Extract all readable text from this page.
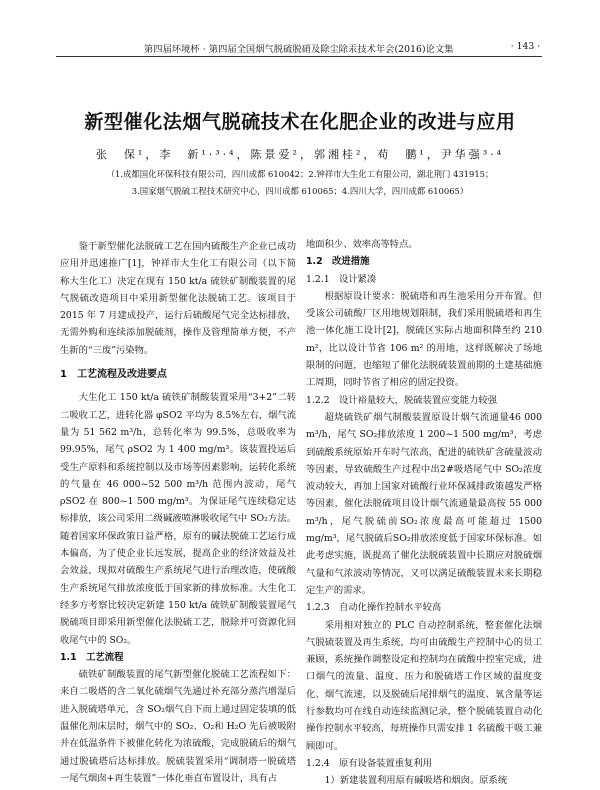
第四届环境杯 · 第四届全国烟气脱硫脱硝及除尘除汞技术年会(2016)论文集	· 143 ·
新型催化法烟气脱硫技术在化肥企业的改进与应用
张　保¹，李　新¹·³·⁴，陈景爱²，郭湘桂²，苟　鹏¹，尹华强³·⁴
（1.成都国化环保科技有限公司，四川成都 610042；2.钟祥市大生化工有限公司，湖北荆门 431915；
3.国家烟气脱硫工程技术研究中心，四川成都 610065；4.四川大学，四川成都 610065）

鉴于新型催化法脱硫工艺在国内硫酸生产企业已成功应用并迅速推广[1]，钟祥市大生化工有限公司（以下简称大生化工）决定在现有 150 kt/a 硫铁矿制酸装置的尾气脱硫改造项目中采用新型催化法脱硫工艺。该项目于 2015 年 7 月建成投产，运行后硫酸尾气完全达标排放，无需外购和连续添加脱硫剂，操作及管理简单方便，不产生新的“三废”污染物。

1　工艺流程及改进要点

大生化工 150 kt/a 硫铁矿制酸装置采用“3+2”二转二吸收工艺，进转化器 φSO2 平均为 8.5%左右，烟气流量为 51 562 m³/h，总转化率为 99.5%，总吸收率为 99.95%，尾气 ρSO2 为 1 400 mg/m³。该装置投运后受生产原料和系统控制以及市场等因素影响，运转化系统的气量在 46 000~52 500 m³/h 范围内波动，尾气 ρSO2 在 800~1 500 mg/m³。为保证尾气连续稳定达标排放，该公司采用二级碱液喷淋吸收尾气中 SO₂方法。随着国家环保政策日益严格，原有的碱法脱硫工艺运行成本偏高，为了使企业长远发展，提高企业的经济效益及社会效益，现拟对硫酸生产系统尾气进行治理改造，使硫酸生产系统尾气排放浓度低于国家新的排放标准。大生化工经多方考察比较决定新建 150 kt/a 硫铁矿制酸装置尾气脱硫项目即采用新型催化法脱硫工艺，脱除并可资源化回收尾气中的 SO₂。

1.1　工艺流程

硫铁矿制酸装置的尾气新型催化脱硫工艺流程如下：来自二吸塔的含二氧化硫烟气先通过补充部分蒸汽增湿后进入脱硫塔单元，含 SO₂烟气自下而上通过固定装填的低温催化剂床层时，烟气中的 SO₂、O₂和 H₂O 先后被吸附并在低温条件下被催化转化为浓硫酸，完成脱硫后的烟气通过脱硫塔后达标排放。脱硫装置采用“调制塔一脱硫塔一尾气烟囱+再生装置”一体化垂直布置设计，具有占

地面积少、效率高等特点。

1.2　改进措施
1.2.1　设计紧凑

根据原设计要求：脱硫塔和再生池采用分开布置。但受该公司硫酸厂区用地规划限制，我们采用脱硫塔和再生池一体化施工设计[2]，脱硫区实际占地面积降至约 210 m²，比以设计节省 106 m² 的用地，这样既解决了场地限制的问题，也缩短了催化法脱硫装置前期的土建基础施工周期，同时节省了相应的固定投资。

1.2.2　设计裕量较大，脱硫装置应变能力较强

超烧硫铁矿烟气制酸装置原设计烟气流通量46 000 m³/h，尾气 SO₂排放浓度 1 200~1 500 mg/m³，考虑到硫酸系统原始开车时气浓高，配进的硫铁矿含硫量波动等因素，导致硫酸生产过程中出2#吸塔尾气中 SO₂浓度波动较大，再加上国家对硫酸行业环保减排政策越发严格等因素，催化法脱硫项目设计烟气流通量最高按 55 000 m³/h，尾气脱硫前SO₂浓度最高可能超过 1500 mg/m³，尾气脱硫后SO₂排放浓度低于国家环保标准。如此考虑实施，既提高了催化法脱硫装置中长期应对脱硫烟气量和气浓波动等情况，又可以满足硫酸装置未来长期稳定生产的需求。

1.2.3　自动化操作控制水平较高

采用相对独立的 PLC 自动控制系统，整套催化法烟气脱硫装置及再生系统，均可由硫酸生产控制中心的员工兼顾，系统操作调整设定和控制均在硫酸中控室完成，进口烟气的流量、温度、压力和脱硫塔工作区域的温度变化、烟气流速，以及脱硫后尾排烟气的温度、氧含量等运行参数均可在线自动连续监测记录，整个脱硫装置自动化操作控制水平较高，每班操作只需安排 1 名硫酸干吸工兼顾即可。

1.2.4　原有设备装置重复利用

1）新建装置利用原有碱吸塔和烟囱。原系统
